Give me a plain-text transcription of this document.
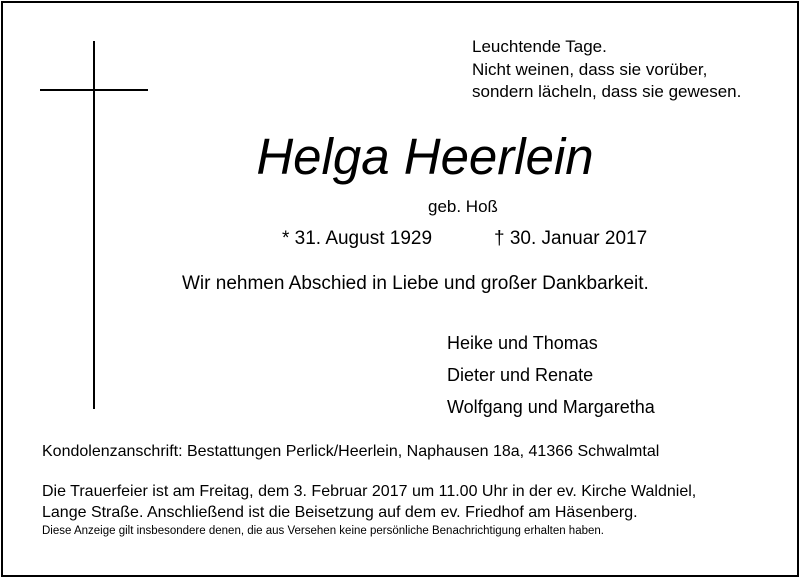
Leuchtende Tage.
Nicht weinen, dass sie vorüber,
sondern lächeln, dass sie gewesen.
Helga Heerlein
geb. Hoß
* 31. August 1929	† 30. Januar 2017
Wir nehmen Abschied in Liebe und großer Dankbarkeit.
Heike und Thomas
Dieter und Renate
Wolfgang und Margaretha
Kondolenzanschrift: Bestattungen Perlick/Heerlein, Naphausen 18a, 41366 Schwalmtal
Die Trauerfeier ist am Freitag, dem 3. Februar 2017 um 11.00 Uhr in der ev. Kirche Waldniel,
Lange Straße. Anschließend ist die Beisetzung auf dem ev. Friedhof am Häsenberg.
Diese Anzeige gilt insbesondere denen, die aus Versehen keine persönliche Benachrichtigung erhalten haben.
